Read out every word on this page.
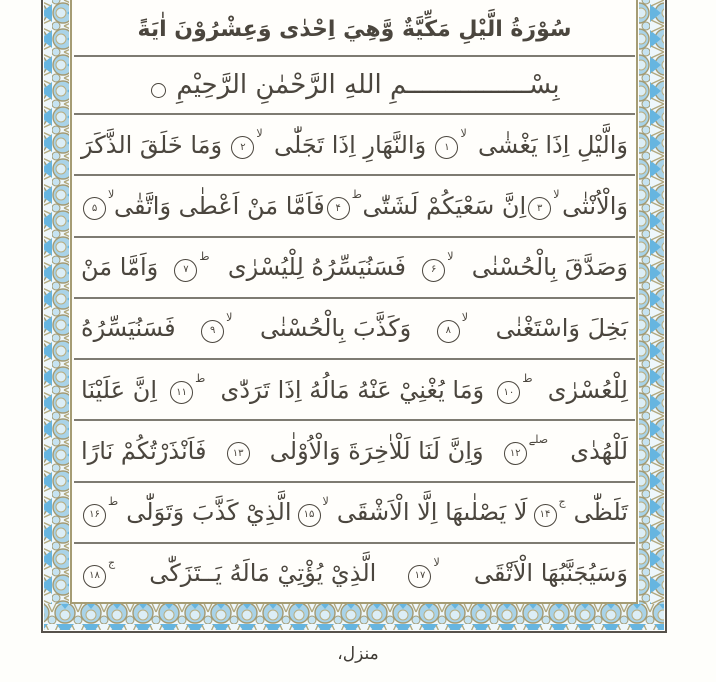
سُوْرَةُ الَّيْلِ مَكِّيَّةٌ وَّهِيَ اِحْدٰى وَعِشْرُوْنَ اٰيَةً
بِسْــــــــــــــــمِ اللهِ الرَّحْمٰنِ الرَّحِيْمِ
وَالَّيْلِ اِذَا يَغْشٰى
لا
۱
وَالنَّهَارِ اِذَا تَجَلّٰى
لا
۲
وَمَا خَلَقَ الذَّكَرَ
وَالْاُنْثٰى
لا
۳
اِنَّ سَعْيَكُمْ لَشَتّٰى
ط
۴
فَاَمَّا مَنْ اَعْطٰى وَاتَّقٰى
لا
۵
وَصَدَّقَ بِالْحُسْنٰى
لا
۶
فَسَنُيَسِّرُهُ لِلْيُسْرٰى
ط
۷
وَاَمَّا مَنْ
بَخِلَ وَاسْتَغْنٰى
لا
۸
وَكَذَّبَ بِالْحُسْنٰى
لا
۹
فَسَنُيَسِّرُهُ
لِلْعُسْرٰى
ط
۱۰
وَمَا يُغْنِيْ عَنْهُ مَالُهُ اِذَا تَرَدّٰى
ط
۱۱
اِنَّ عَلَيْنَا
لَلْهُدٰى
صلے
۱۲
وَاِنَّ لَنَا لَلْاٰخِرَةَ وَالْاُوْلٰى
۱۳
فَاَنْذَرْتُكُمْ نَارًا
تَلَظّٰى
ج
۱۴
لَا يَصْلٰىهَا اِلَّا الْاَشْقَى
لا
۱۵
الَّذِيْ كَذَّبَ وَتَوَلّٰى
ط
۱۶
وَسَيُجَنَّبُهَا الْاَتْقَى
لا
۱۷
الَّذِيْ يُؤْتِيْ مَالَهُ يَــتَزَكّٰى
ج
۱۸
منزل،
